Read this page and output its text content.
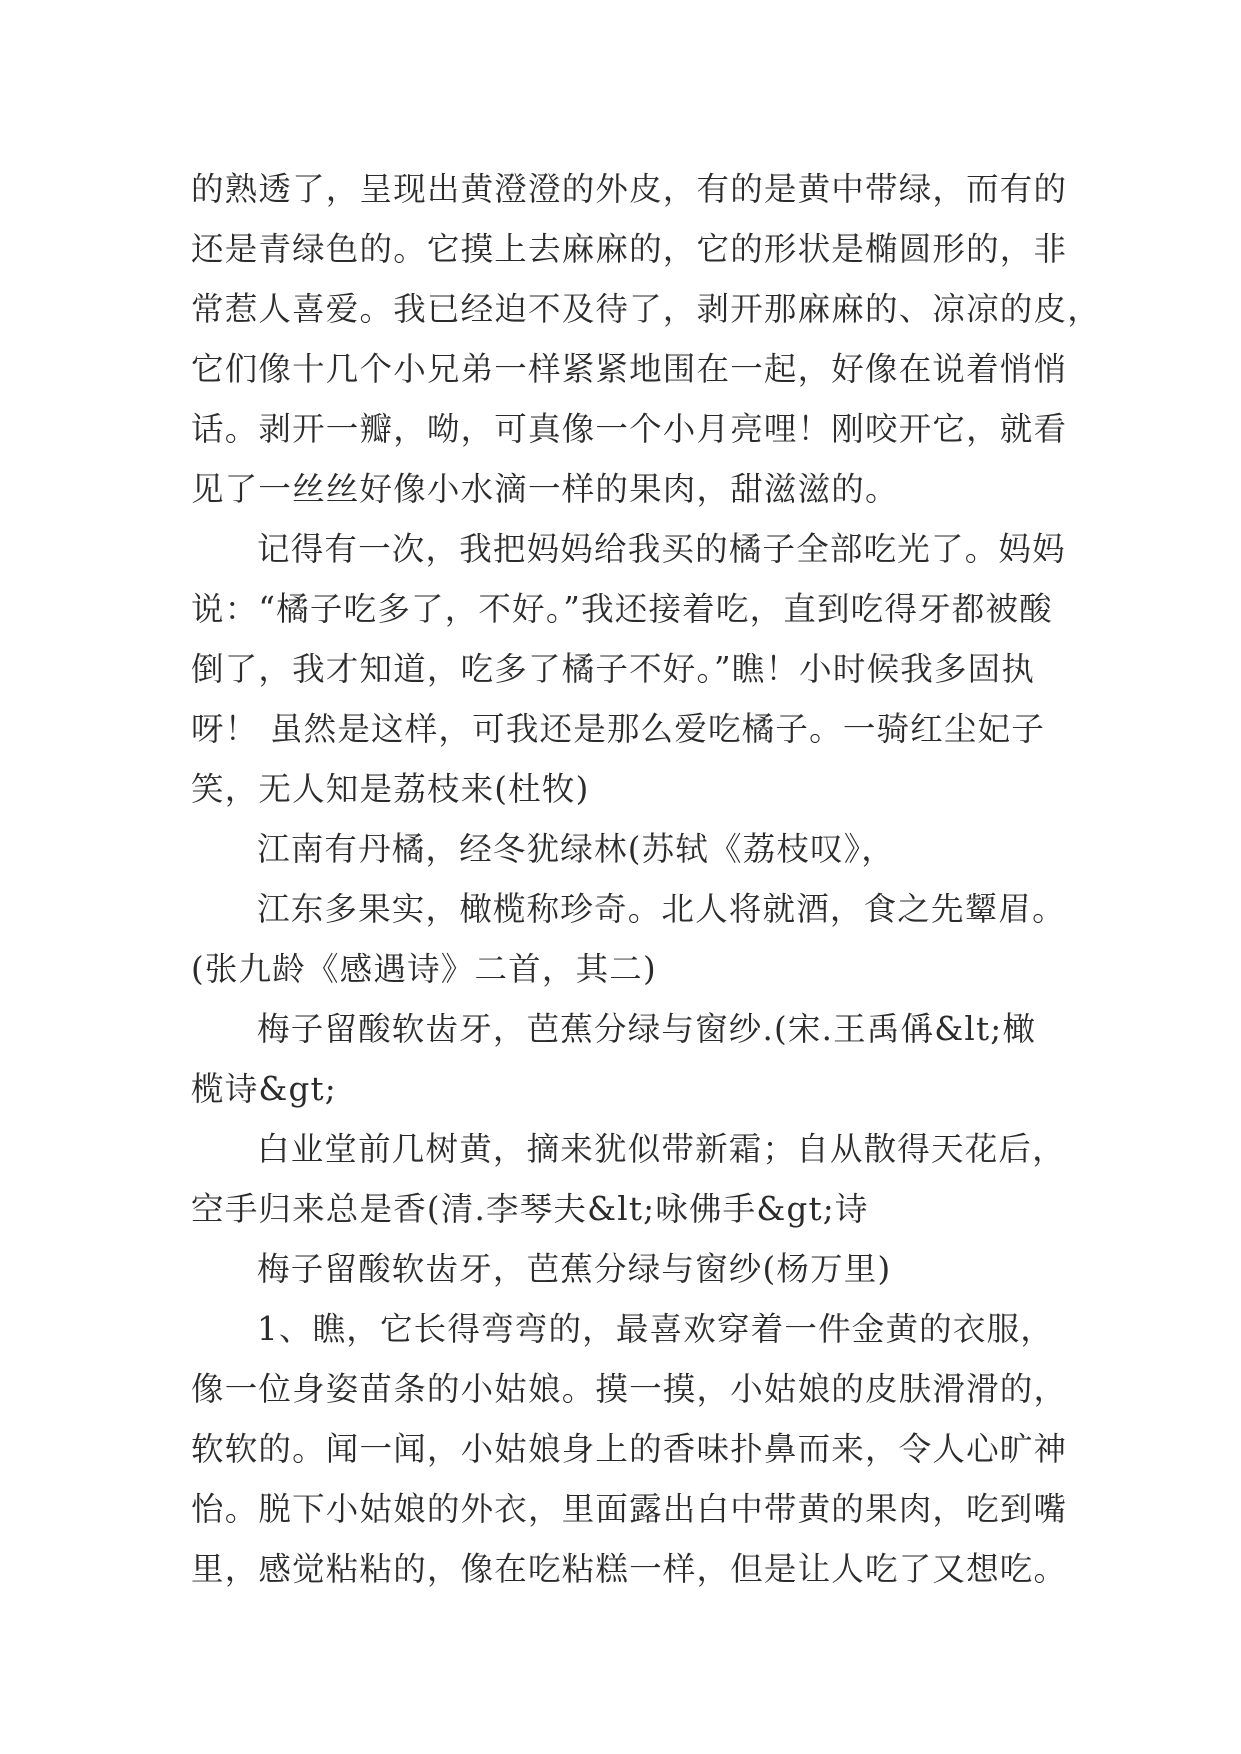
的熟透了，呈现出黄澄澄的外皮，有的是黄中带绿，而有的
还是青绿色的。它摸上去麻麻的，它的形状是椭圆形的，非
常惹人喜爱。我已经迫不及待了，剥开那麻麻的、凉凉的皮，
它们像十几个小兄弟一样紧紧地围在一起，好像在说着悄悄
话。剥开一瓣，呦，可真像一个小月亮哩！刚咬开它，就看
见了一丝丝好像小水滴一样的果肉，甜滋滋的。
记得有一次，我把妈妈给我买的橘子全部吃光了。妈妈
说：“橘子吃多了，不好。”我还接着吃，直到吃得牙都被酸
倒了，我才知道，吃多了橘子不好。”瞧！小时候我多固执
呀！ 虽然是这样，可我还是那么爱吃橘子。一骑红尘妃子
笑，无人知是荔枝来(杜牧)
江南有丹橘，经冬犹绿林(苏轼《荔枝叹》，
江东多果实，橄榄称珍奇。北人将就酒，食之先颦眉。
(张九龄《感遇诗》二首，其二)
梅子留酸软齿牙，芭蕉分绿与窗纱.(宋.王禹偁&lt;橄
榄诗&gt;
白业堂前几树黄，摘来犹似带新霜；自从散得天花后，
空手归来总是香(清.李琴夫&lt;咏佛手&gt;诗
梅子留酸软齿牙，芭蕉分绿与窗纱(杨万里)
1、瞧，它长得弯弯的，最喜欢穿着一件金黄的衣服，
像一位身姿苗条的小姑娘。摸一摸，小姑娘的皮肤滑滑的，
软软的。闻一闻，小姑娘身上的香味扑鼻而来，令人心旷神
怡。脱下小姑娘的外衣，里面露出白中带黄的果肉，吃到嘴
里，感觉粘粘的，像在吃粘糕一样，但是让人吃了又想吃。
